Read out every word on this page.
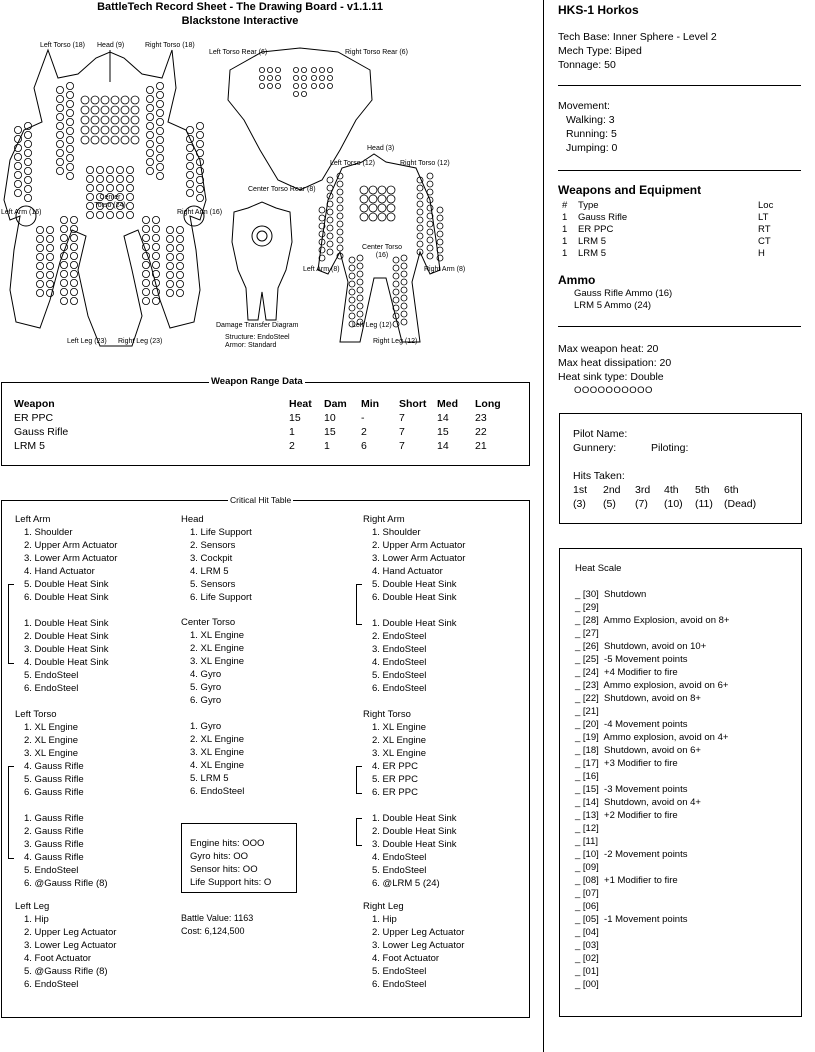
BattleTech Record Sheet - The Drawing Board - v1.1.11
Blackstone Interactive
Left Torso (18) Head (9)	Right Torso (18)
Left Torso Rear (6)	Right Torso Rear (6)
Center Torso (24)
Left Arm (16)	Right Arm (16)
Left Leg (23) Right Leg (23)
Center Torso Rear (8)
Head (3)
Left Torso (12)	Right Torso (12)
Center Torso (16)
Left Arm (8)	Right Arm (8)
Left Leg (12)
Right Leg (12)
Damage Transfer Diagram
Structure: EndoSteel
Armor: Standard
HKS-1 Horkos
Tech Base: Inner Sphere - Level 2
Mech Type: Biped
Tonnage: 50
Movement:
Walking: 3
Running: 5
Jumping: 0
Weapons and Equipment
# Type	Loc
1 Gauss Rifle	LT
1 ER PPC	RT
1 LRM 5	CT
1 LRM 5	H
Ammo
Gauss Rifle Ammo (16)
LRM 5 Ammo (24)
Max weapon heat: 20
Max heat dissipation: 20
Heat sink type: Double
OOOOOOOOOO
Pilot Name:
Gunnery:	Piloting:
Hits Taken:
1st
(3)
2nd
(5)
3rd
(7)
4th
(10)
5th
(11)
6th
(Dead)
Heat Scale
_ [30]  Shutdown
_ [29]
_ [28]  Ammo Explosion, avoid on 8+
_ [27]
_ [26]  Shutdown, avoid on 10+
_ [25]  -5 Movement points
_ [24]  +4 Modifier to fire
_ [23]  Ammo explosion, avoid on 6+
_ [22]  Shutdown, avoid on 8+
_ [21]
_ [20]  -4 Movement points
_ [19]  Ammo explosion, avoid on 4+
_ [18]  Shutdown, avoid on 6+
_ [17]  +3 Modifier to fire
_ [16]
_ [15]  -3 Movement points
_ [14]  Shutdown, avoid on 4+
_ [13]  +2 Modifier to fire
_ [12]
_ [11]
_ [10]  -2 Movement points
_ [09]
_ [08]  +1 Modifier to fire
_ [07]
_ [06]
_ [05]  -1 Movement points
_ [04]
_ [03]
_ [02]
_ [01]
_ [00]
Weapon Range Data
Weapon	Heat	Dam	Min	Short	Med	Long
ER PPC	15	10	-	7	14	23
Gauss Rifle	1	15	2	7	15	22
LRM 5	2	1	6	7	14	21
Critical Hit Table
Left Arm
1. Shoulder
2. Upper Arm Actuator
3. Lower Arm Actuator
4. Hand Actuator
5. Double Heat Sink
6. Double Heat Sink
1. Double Heat Sink
2. Double Heat Sink
3. Double Heat Sink
4. Double Heat Sink
5. EndoSteel
6. EndoSteel
Head
1. Life Support
2. Sensors
3. Cockpit
4. LRM 5
5. Sensors
6. Life Support
Right Arm
1. Shoulder
2. Upper Arm Actuator
3. Lower Arm Actuator
4. Hand Actuator
5. Double Heat Sink
6. Double Heat Sink
1. Double Heat Sink
2. EndoSteel
3. EndoSteel
4. EndoSteel
5. EndoSteel
6. EndoSteel
Center Torso
1. XL Engine
2. XL Engine
3. XL Engine
4. Gyro
5. Gyro
6. Gyro
1. Gyro
2. XL Engine
3. XL Engine
4. XL Engine
5. LRM 5
6. EndoSteel
Left Torso
1. XL Engine
2. XL Engine
3. XL Engine
4. Gauss Rifle
5. Gauss Rifle
6. Gauss Rifle
1. Gauss Rifle
2. Gauss Rifle
3. Gauss Rifle
4. Gauss Rifle
5. EndoSteel
6. @Gauss Rifle (8)
Right Torso
1. XL Engine
2. XL Engine
3. XL Engine
4. ER PPC
5. ER PPC
6. ER PPC
1. Double Heat Sink
2. Double Heat Sink
3. Double Heat Sink
4. EndoSteel
5. EndoSteel
6. @LRM 5 (24)
Left Leg
1. Hip
2. Upper Leg Actuator
3. Lower Leg Actuator
4. Foot Actuator
5. @Gauss Rifle (8)
6. EndoSteel
Right Leg
1. Hip
2. Upper Leg Actuator
3. Lower Leg Actuator
4. Foot Actuator
5. EndoSteel
6. EndoSteel
Engine hits: OOO
Gyro hits: OO
Sensor hits: OO
Life Support hits: O
Battle Value: 1163
Cost: 6,124,500
